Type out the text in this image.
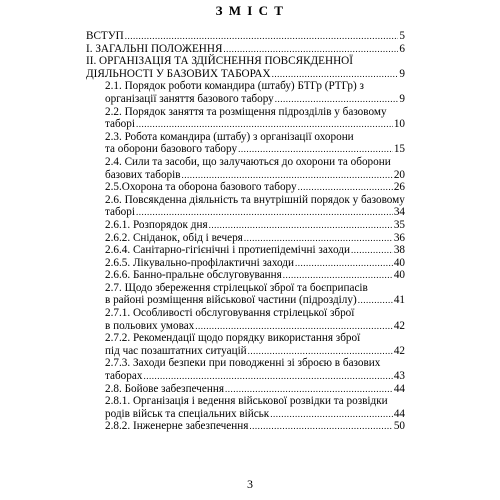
З М І С Т
ВСТУП .....	5
І. ЗАГАЛЬНІ ПОЛОЖЕННЯ .....	6
ІІ. ОРГАНІЗАЦІЯ ТА ЗДІЙСНЕННЯ ПОВСЯКДЕННОЇ
ДІЯЛЬНОСТІ У БАЗОВИХ ТАБОРАХ .....	9
2.1. Порядок роботи командира (штабу) БТГр (РТГр) з
організації заняття базового табору .....	9
2.2. Порядок заняття та розміщення підрозділів у базовому
таборі .....	10
2.3. Робота командира (штабу) з організації охорони
та оборони базового табору .....	15
2.4. Сили та засоби, що залучаються до охорони та оборони
базових таборів .....	20
2.5.Охорона та оборона базового табору .....	26
2.6. Повсякденна діяльність та внутрішній порядок у базовому
таборі .....	34
2.6.1. Розпорядок дня .....	35
2.6.2. Сніданок, обід і вечеря .....	36
2.6.4. Санітарно-гігієнічні і протиепідемічні заходи .....	38
2.6.5. Лікувально-профілактичні заходи .....	40
2.6.6. Банно-пральне обслуговування .....	40
2.7. Щодо збереження стрілецької зброї та боєприпасів
в районі розміщення військової частини (підрозділу) .....	41
2.7.1. Особливості обслуговування стрілецької зброї
в польових умовах .....	42
2.7.2. Рекомендації щодо порядку використання зброї
під час позаштатних ситуацій .....	42
2.7.3. Заходи безпеки при поводженні зі зброєю в базових
таборах .....	43
2.8. Бойове забезпечення .....	44
2.8.1. Організація і ведення військової розвідки та розвідки
родів військ та спеціальних військ .....	44
2.8.2. Інженерне забезпечення .....	50
3
